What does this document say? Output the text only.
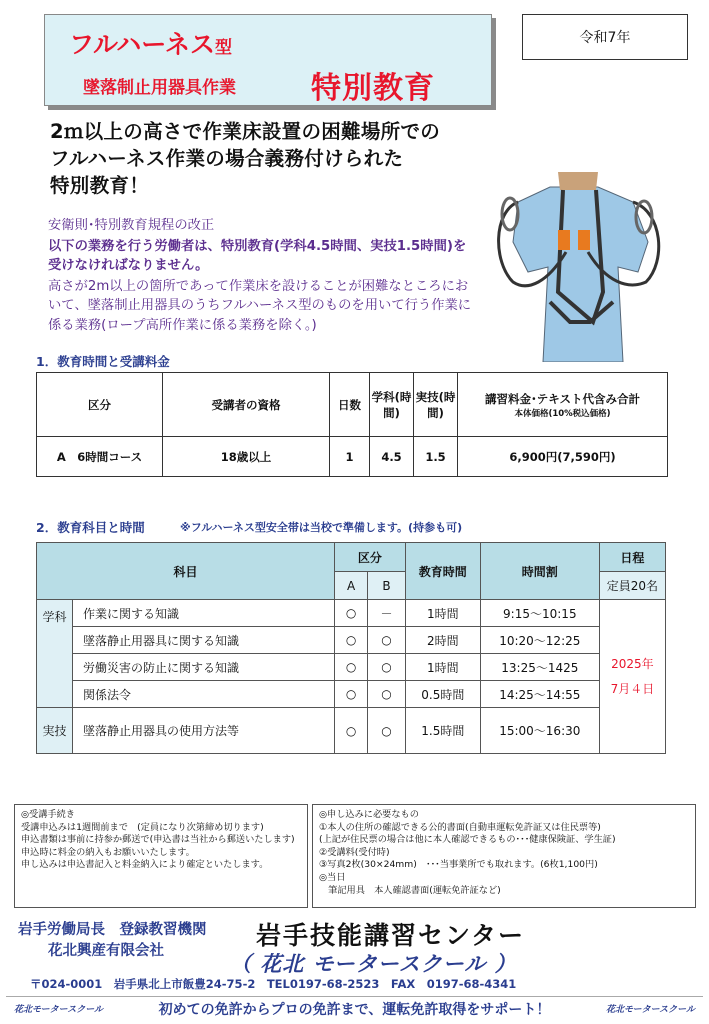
フルハーネス型
墜落制止用器具作業	特別教育
令和7年
2ｍ以上の高さで作業床設置の困難場所での
フルハーネス作業の場合義務付けられた
特別教育！

安衛則･特別教育規程の改正

以下の業務を行う労働者は、特別教育(学科4.5時間、実技1.5時間)を受けなければなりません。

高さが2m以上の箇所であって作業床を設けることが困難なところにおいて、墜落制止用器具のうちフルハーネス型のものを用いて行う作業に係る業務(ロープ高所作業に係る業務を除く。)

1．教育時間と受講料金
区分	受講者の資格	日数	学科(時間)	実技(時間)	講習料金･テキスト代含み合計
本体価格(10%税込価格)

A　6時間コース	18歳以上	1	4.5	1.5	6,900円(7,590円)
2．教育科目と時間	※フルハーネス型安全帯は当校で準備します。(持参も可)
科目		区分		教育時間	時間割	日程
		A	B			定員20名
学科	作業に関する知識	○	－	1時間	9:15～10:15	2025年
7月４日

	墜落静止用器具に関する知識	○	○	2時間	10:20～12:25	
	労働災害の防止に関する知識	○	○	1時間	13:25～1425	
	関係法令	○	○	0.5時間	14:25～14:55	
実技	墜落静止用器具の使用方法等	○	○	1.5時間	15:00～16:30	
◎受講手続き
受講申込みは1週間前まで　(定員になり次第締め切ります)
申込書類は事前に持参か郵送で(申込書は当社から郵送いたします)
申込時に料金の納入もお願いいたします。
申し込みは申込書記入と料金納入により確定といたします。
◎申し込みに必要なもの
①本人の住所の確認できる公的書面(自動車運転免許証又は住民票等)
(上記が住民票の場合は他に本人確認できるもの･･･健康保険証、学生証)
②受講料(受付時)
③写真2枚(30×24mm)　･･･当事業所でも取れます。(6枚1,100円)
◎当日
　筆記用具　本人確認書面(運転免許証など)
岩手労働局長　登録教習機関
花北興産有限会社
岩手技能講習センター
（ 花北 モータースクール ）
〒024-0001　岩手県北上市飯豊24-75-2　TEL0197-68-2523　FAX　0197-68-4341
花北モータースクール	初めての免許からプロの免許まで、運転免許取得をサポート！	花北モータースクール
